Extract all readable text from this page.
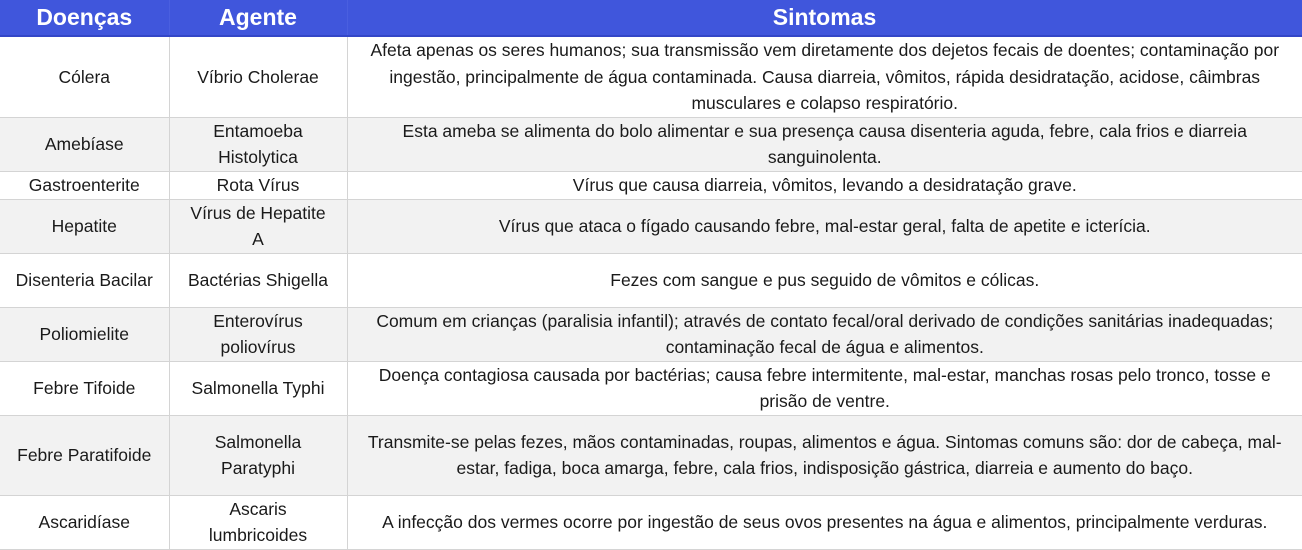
Doenças	Agente	Sintomas
Cólera	Víbrio Cholerae	Afeta apenas os seres humanos; sua transmissão vem diretamente dos dejetos fecais de doentes; contaminação por ingestão, principalmente de água contaminada. Causa diarreia, vômitos, rápida desidratação, acidose, câimbras musculares e colapso respiratório.
Amebíase	Entamoeba Histolytica	Esta ameba se alimenta do bolo alimentar e sua presença causa disenteria aguda, febre, cala frios e diarreia sanguinolenta.
Gastroenterite	Rota Vírus	Vírus que causa diarreia, vômitos, levando a desidratação grave.
Hepatite	Vírus de Hepatite A	Vírus que ataca o fígado causando febre, mal-estar geral, falta de apetite e icterícia.
Disenteria Bacilar	Bactérias Shigella	Fezes com sangue e pus seguido de vômitos e cólicas.
Poliomielite	Enterovírus poliovírus	Comum em crianças (paralisia infantil); através de contato fecal/oral derivado de condições sanitárias inadequadas; contaminação fecal de água e alimentos.
Febre Tifoide	Salmonella Typhi	Doença contagiosa causada por bactérias; causa febre intermitente, mal-estar, manchas rosas pelo tronco, tosse e prisão de ventre.
Febre Paratifoide	Salmonella Paratyphi	Transmite-se pelas fezes, mãos contaminadas, roupas, alimentos e água. Sintomas comuns são: dor de cabeça, mal-estar, fadiga, boca amarga, febre, cala frios, indisposição gástrica, diarreia e aumento do baço.
Ascaridíase	Ascaris lumbricoides	A infecção dos vermes ocorre por ingestão de seus ovos presentes na água e alimentos, principalmente verduras.
